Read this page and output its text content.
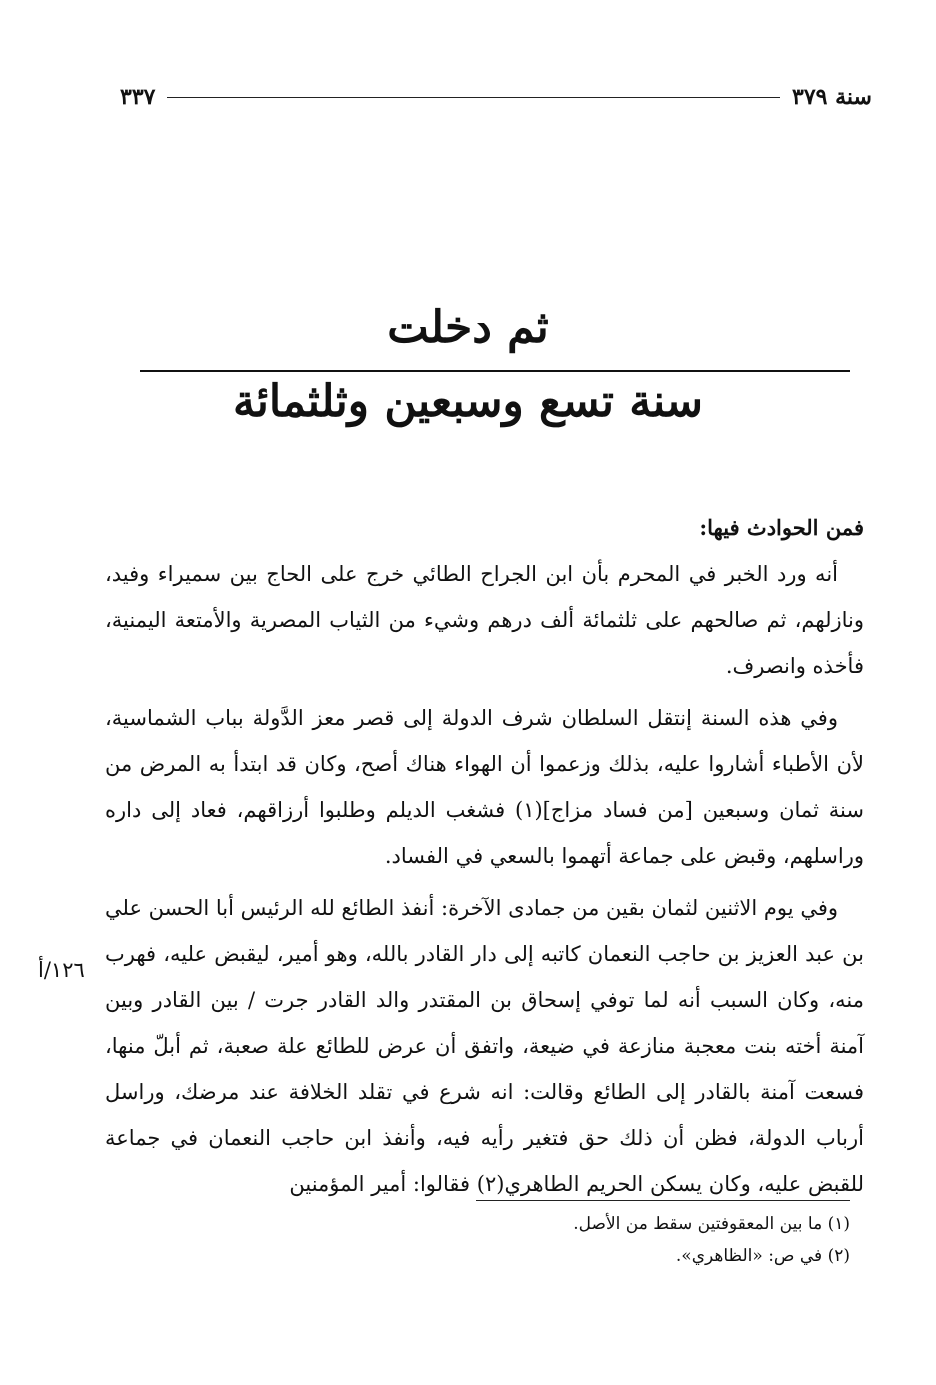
سنة ٣٧٩
٣٣٧
ثم دخلت
سنة تسع وسبعين وثلثمائة

فمن الحوادث فيها:

أنه ورد الخبر في المحرم بأن ابن الجراح الطائي خرج على الحاج بين سميراء وفيد، ونازلهم، ثم صالحهم على ثلثمائة ألف درهم وشيء من الثياب المصرية والأمتعة اليمنية، فأخذه وانصرف.

وفي هذه السنة إنتقل السلطان شرف الدولة إلى قصر معز الدَّولة بباب الشماسية، لأن الأطباء أشاروا عليه، بذلك وزعموا أن الهواء هناك أصح، وكان قد ابتدأ به المرض من سنة ثمان وسبعين [من فساد مزاج](١) فشغب الديلم وطلبوا أرزاقهم، فعاد إلى داره وراسلهم، وقبض على جماعة أتهموا بالسعي في الفساد.

وفي يوم الاثنين لثمان بقين من جمادى الآخرة: أنفذ الطائع لله الرئيس أبا الحسن علي بن عبد العزيز بن حاجب النعمان كاتبه إلى دار القادر بالله، وهو أمير، ليقبض عليه، فهرب منه، وكان السبب أنه لما توفي إسحاق بن المقتدر والد القادر جرت / بين القادر وبين آمنة أخته بنت معجبة منازعة في ضيعة، واتفق أن عرض للطائع علة صعبة، ثم أبلّ منها، فسعت آمنة بالقادر إلى الطائع وقالت: انه شرع في تقلد الخلافة عند مرضك، وراسل أرباب الدولة، فظن أن ذلك حق فتغير رأيه فيه، وأنفذ ابن حاجب النعمان في جماعة للقبض عليه، وكان يسكن الحريم الطاهري(٢) فقالوا: أمير المؤمنين

١٢٦/أ

(١) ما بين المعقوفتين سقط من الأصل.

(٢) في ص: «الظاهري».
